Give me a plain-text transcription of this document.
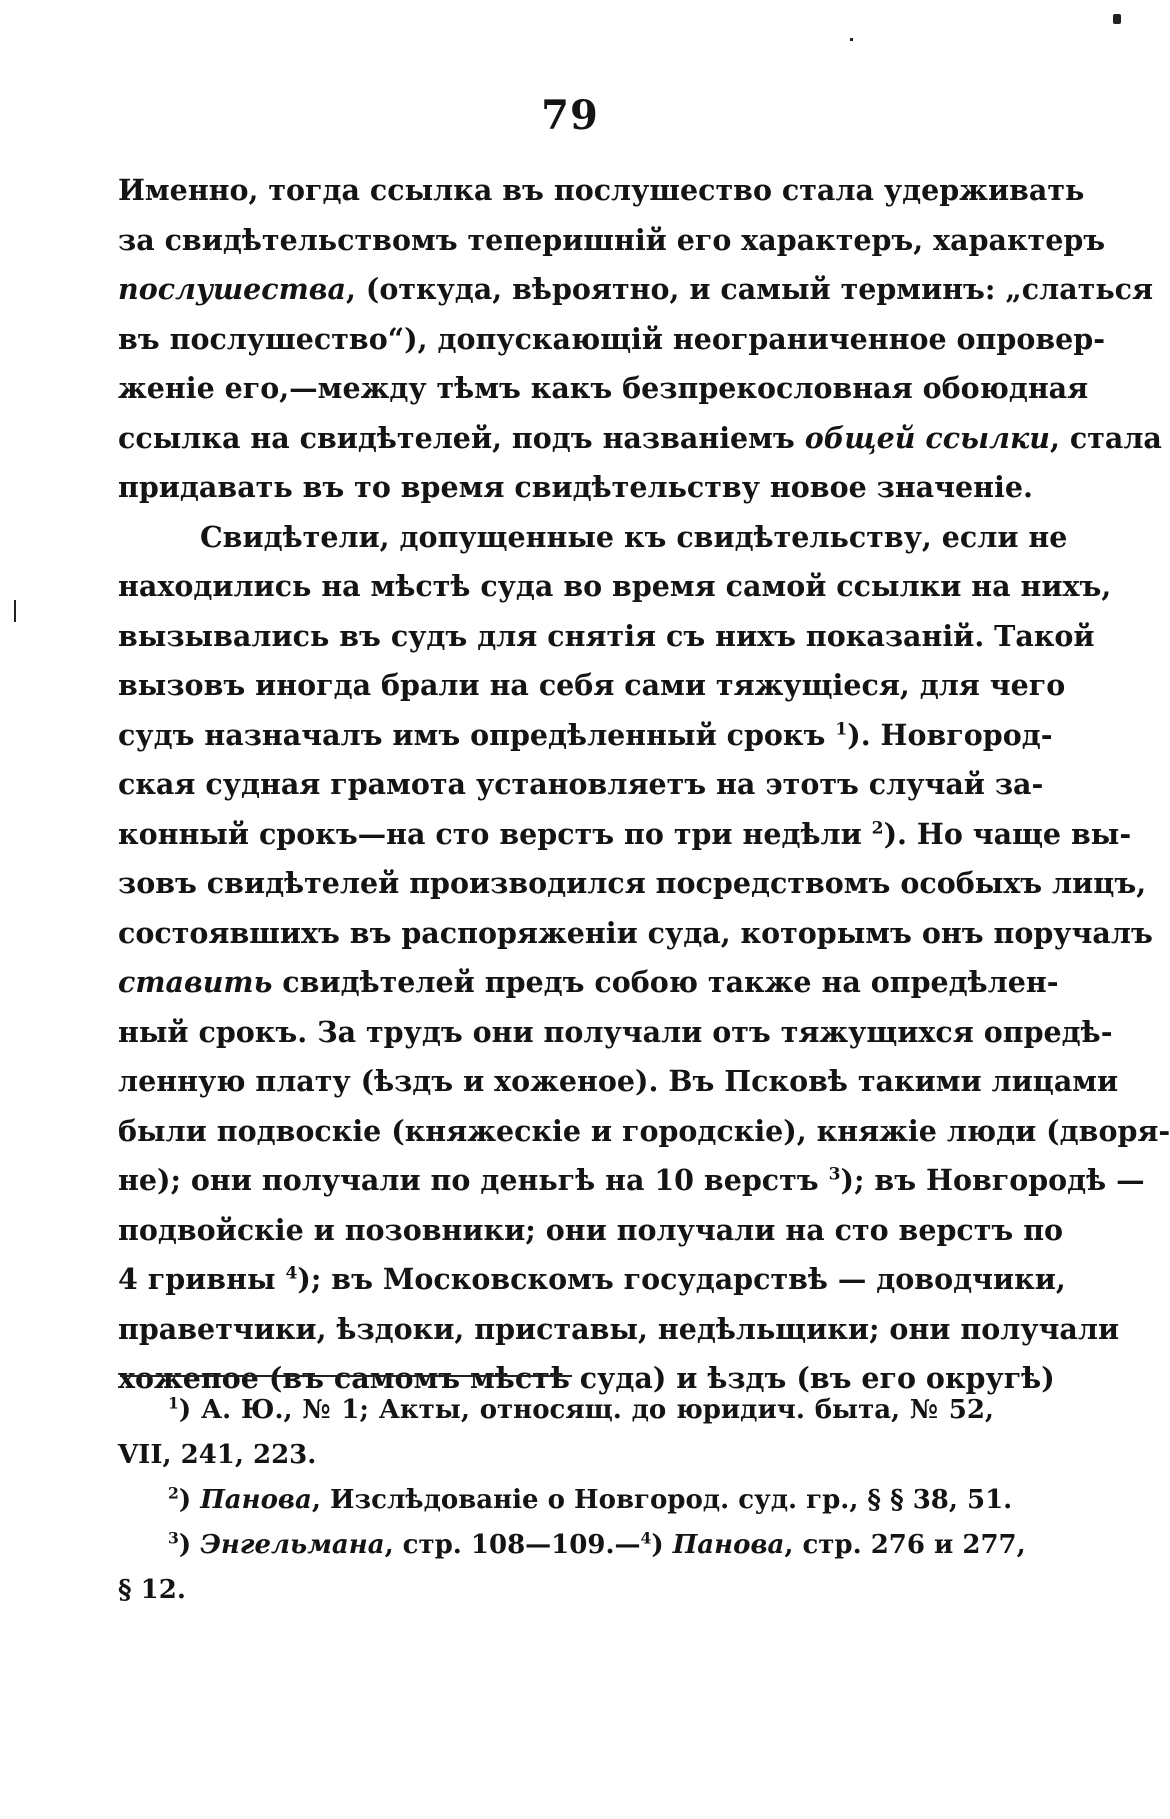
79
Именно, тогда ссылка въ послушество стала удерживать
за свидѣтельствомъ теперишній его характеръ, характеръ
послушества, (откуда, вѣроятно, и самый терминъ: „слаться
въ послушество“), допускающій неограниченное опровер-
женіе его,—между тѣмъ какъ безпрекословная обоюдная
ссылка на свидѣтелей, подъ названіемъ общей ссылки, стала
придавать въ то время свидѣтельству новое значеніе.
Свидѣтели, допущенные къ свидѣтельству, если не
находились на мѣстѣ суда во время самой ссылки на нихъ,
вызывались въ судъ для снятія съ нихъ показаній. Такой
вызовъ иногда брали на себя сами тяжущіеся, для чего
судъ назначалъ имъ опредѣленный срокъ $^1$). Новгород-
ская судная грамота установляетъ на этотъ случай за-
конный срокъ—на сто верстъ по три недѣли $^2$). Но чаще вы-
зовъ свидѣтелей производился посредствомъ особыхъ лицъ,
состоявшихъ въ распоряженіи суда, которымъ онъ поручалъ
ставить свидѣтелей предъ собою также на опредѣлен-
ный срокъ. За трудъ они получали отъ тяжущихся опредѣ-
ленную плату (ѣздъ и хоженое). Въ Псковѣ такими лицами
были подвоскіе (княжескіе и городскіе), княжіе люди (дворя-
не); они получали по деньгѣ на 10 верстъ $^3$); въ Новгородѣ —
подвойскіе и позовники; они получали на сто верстъ по
4 гривны $^4$); въ Московскомъ государствѣ — доводчики,
праветчики, ѣздоки, приставы, недѣльщики; они получали
хожепое (въ самомъ мѣстѣ суда) и ѣздъ (въ его округѣ)
$^1$) А. Ю., № 1; Акты, относящ. до юридич. быта, № 52,
VII, 241, 223.
$^2$) Панова, Изслѣдованіе о Новгород. суд. гр., § § 38, 51.
$^3$) Энгельмана, стр. 108—109.—$^4$) Панова, стр. 276 и 277,
§ 12.
